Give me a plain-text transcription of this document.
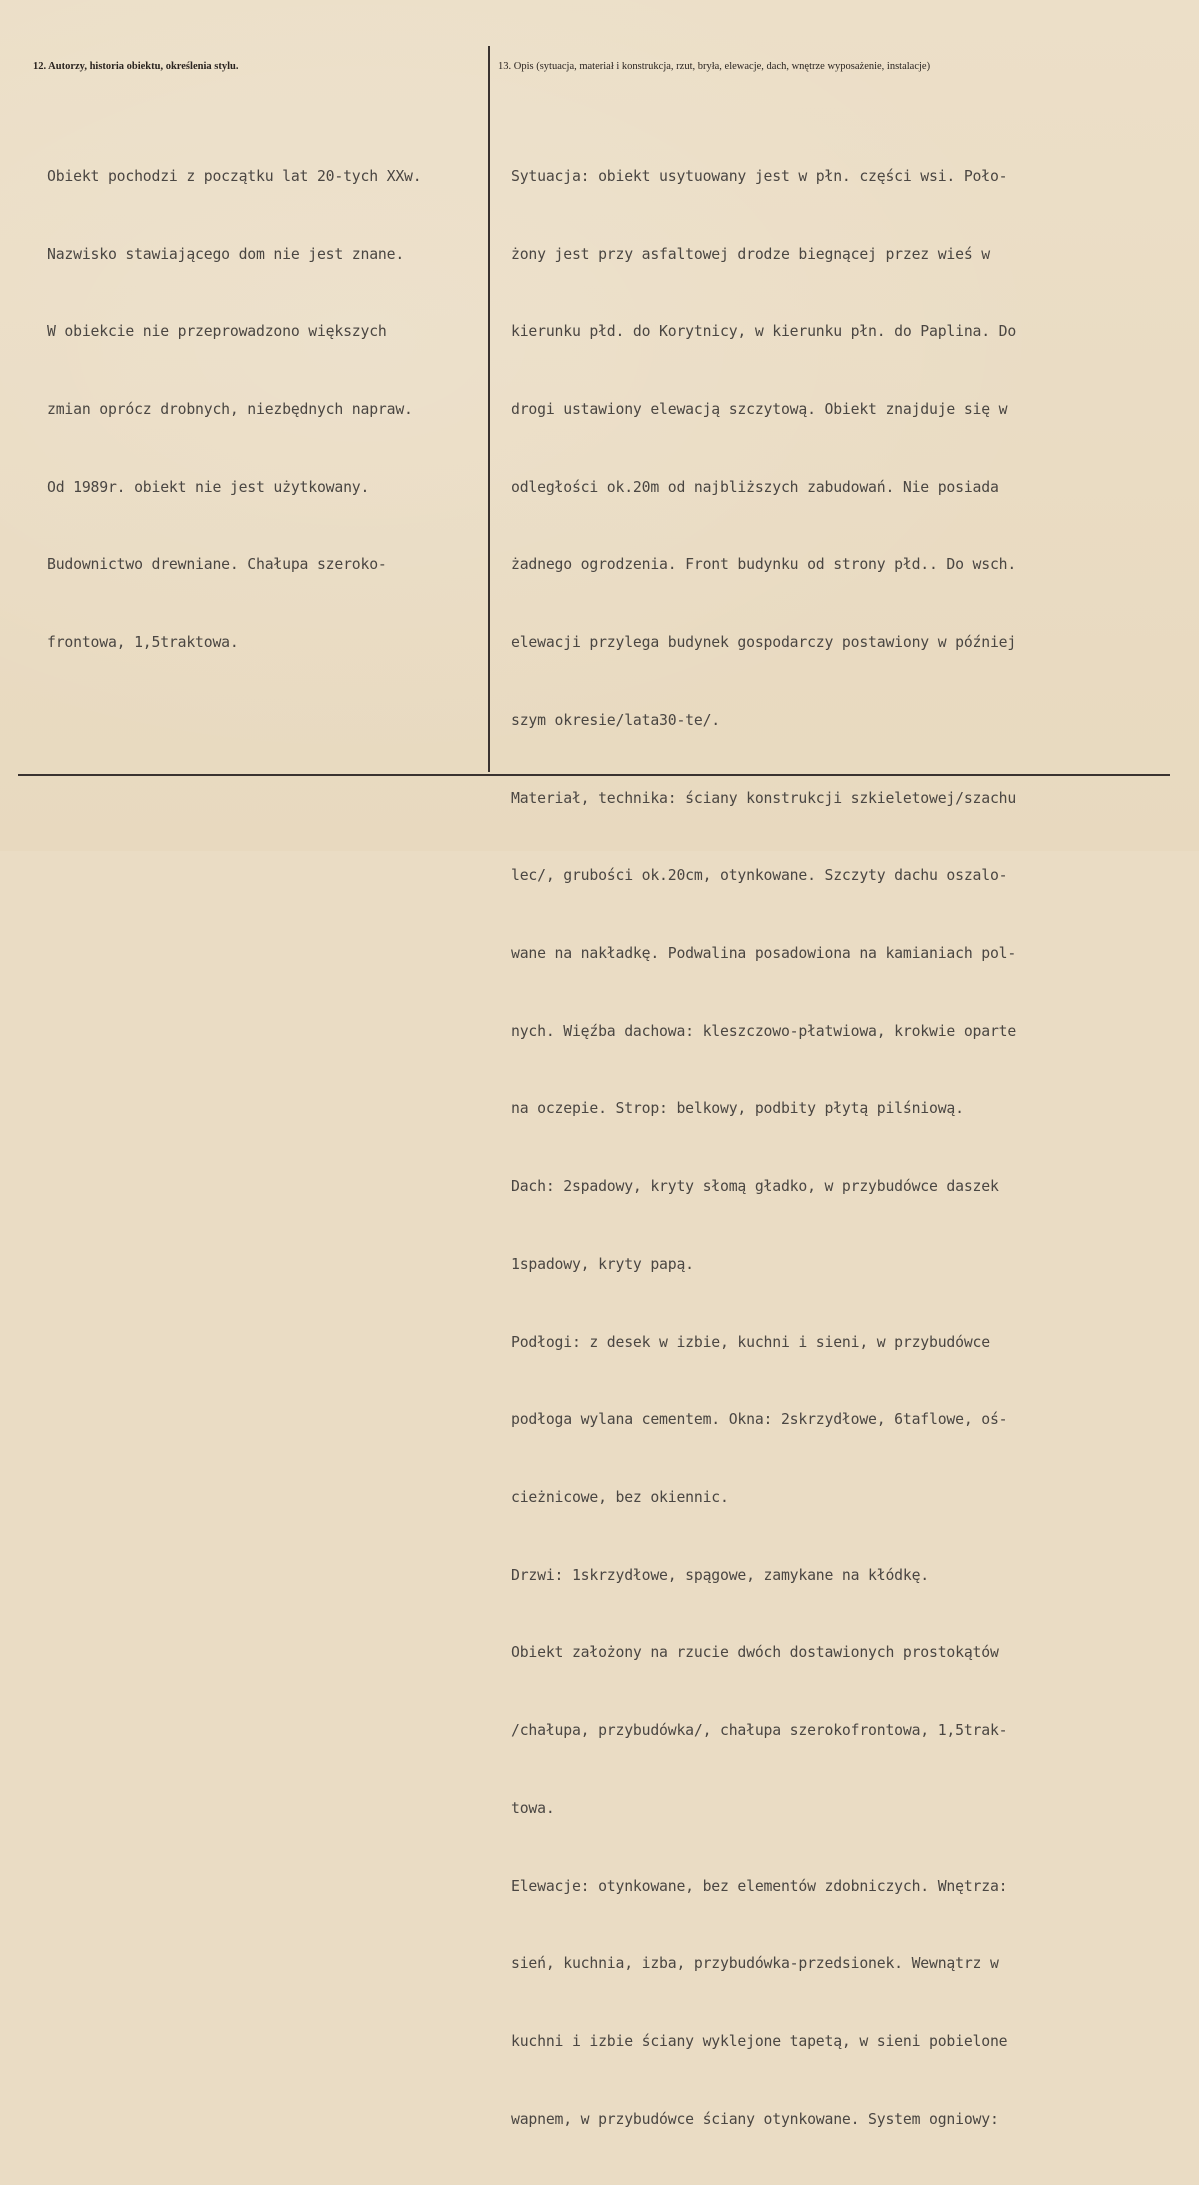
12. Autorzy, historia obiektu, określenia stylu.	13. Opis (sytuacja, materiał i konstrukcja, rzut, bryła, elewacje, dach, wnętrze wyposażenie, instalacje)

Obiekt pochodzi z początku lat 20-tych XXw.

Nazwisko stawiającego dom nie jest znane.

W obiekcie nie przeprowadzono większych

zmian oprócz drobnych, niezbędnych napraw.

Od 1989r. obiekt nie jest użytkowany.

Budownictwo drewniane. Chałupa szeroko-

frontowa, 1,5traktowa.

Sytuacja: obiekt usytuowany jest w płn. części wsi. Poło-

żony jest przy asfaltowej drodze biegnącej przez wieś w

kierunku płd. do Korytnicy, w kierunku płn. do Paplina. Do

drogi ustawiony elewacją szczytową. Obiekt znajduje się w

odległości ok.20m od najbliższych zabudowań. Nie posiada

żadnego ogrodzenia. Front budynku od strony płd.. Do wsch.

elewacji przylega budynek gospodarczy postawiony w później

szym okresie/lata30-te/.

Materiał, technika: ściany konstrukcji szkieletowej/szachu

lec/, grubości ok.20cm, otynkowane. Szczyty dachu oszalo-

wane na nakładkę. Podwalina posadowiona na kamianiach pol-

nych. Więźba dachowa: kleszczowo-płatwiowa, krokwie oparte

na oczepie. Strop: belkowy, podbity płytą pilśniową.

Dach: 2spadowy, kryty słomą gładko, w przybudówce daszek

1spadowy, kryty papą.

Podłogi: z desek w izbie, kuchni i sieni, w przybudówce

podłoga wylana cementem. Okna: 2skrzydłowe, 6taflowe, oś-

cieżnicowe, bez okiennic.

Drzwi: 1skrzydłowe, spągowe, zamykane na kłódkę.

Obiekt założony na rzucie dwóch dostawionych prostokątów

/chałupa, przybudówka/, chałupa szerokofrontowa, 1,5trak-

towa.

Elewacje: otynkowane, bez elementów zdobniczych. Wnętrza:

sień, kuchnia, izba, przybudówka-przedsionek. Wewnątrz w

kuchni i izbie ściany wyklejone tapetą, w sieni pobielone

wapnem, w przybudówce ściany otynkowane. System ogniowy:
